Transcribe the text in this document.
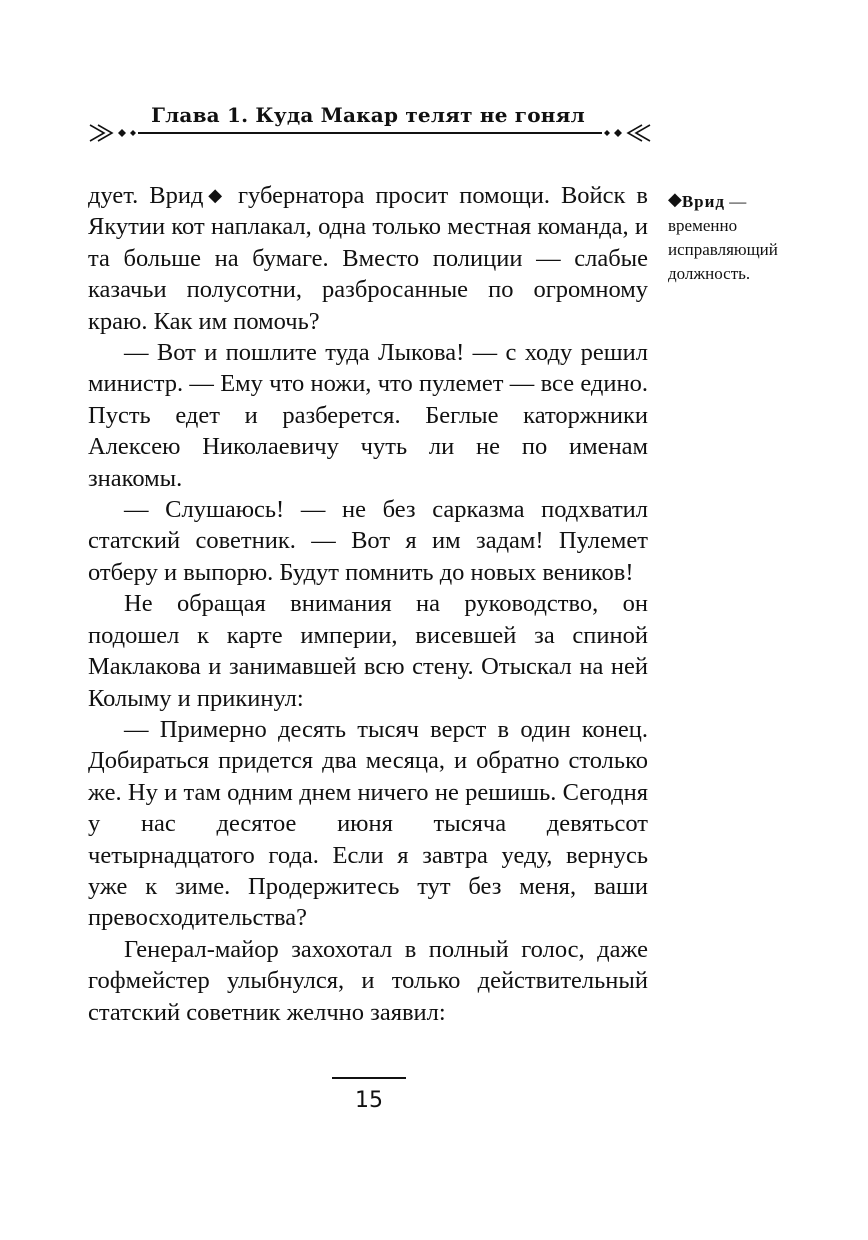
Глава 1. Куда Макар телят не гонял

дует. Врид◆ губернатора просит помощи. Войск в Якутии кот наплакал, одна только местная команда, и та больше на бумаге. Вместо полиции — слабые казачьи полусотни, разбросанные по огромному краю. Как им помочь?

— Вот и пошлите туда Лыкова! — с ходу решил министр. — Ему что ножи, что пулемет — все едино. Пусть едет и разберется. Беглые каторжники Алексею Николаевичу чуть ли не по именам знакомы.

— Слушаюсь! — не без сарказма подхватил статский советник. — Вот я им задам! Пулемет отберу и выпорю. Будут помнить до новых веников!

Не обращая внимания на руководство, он подошел к карте империи, висевшей за спиной Маклакова и занимавшей всю стену. Отыскал на ней Колыму и прикинул:

— Примерно десять тысяч верст в один конец. Добираться придется два месяца, и обратно столько же. Ну и там одним днем ничего не решишь. Сегодня у нас десятое июня тысяча девятьсот четырнадцатого года. Если я завтра уеду, вернусь уже к зиме. Продержитесь тут без меня, ваши превосходительства?

Генерал-майор захохотал в полный голос, даже гофмейстер улыбнулся, и только действительный статский советник желчно заявил:

◆Врид — временно исправляющий должность.
15
